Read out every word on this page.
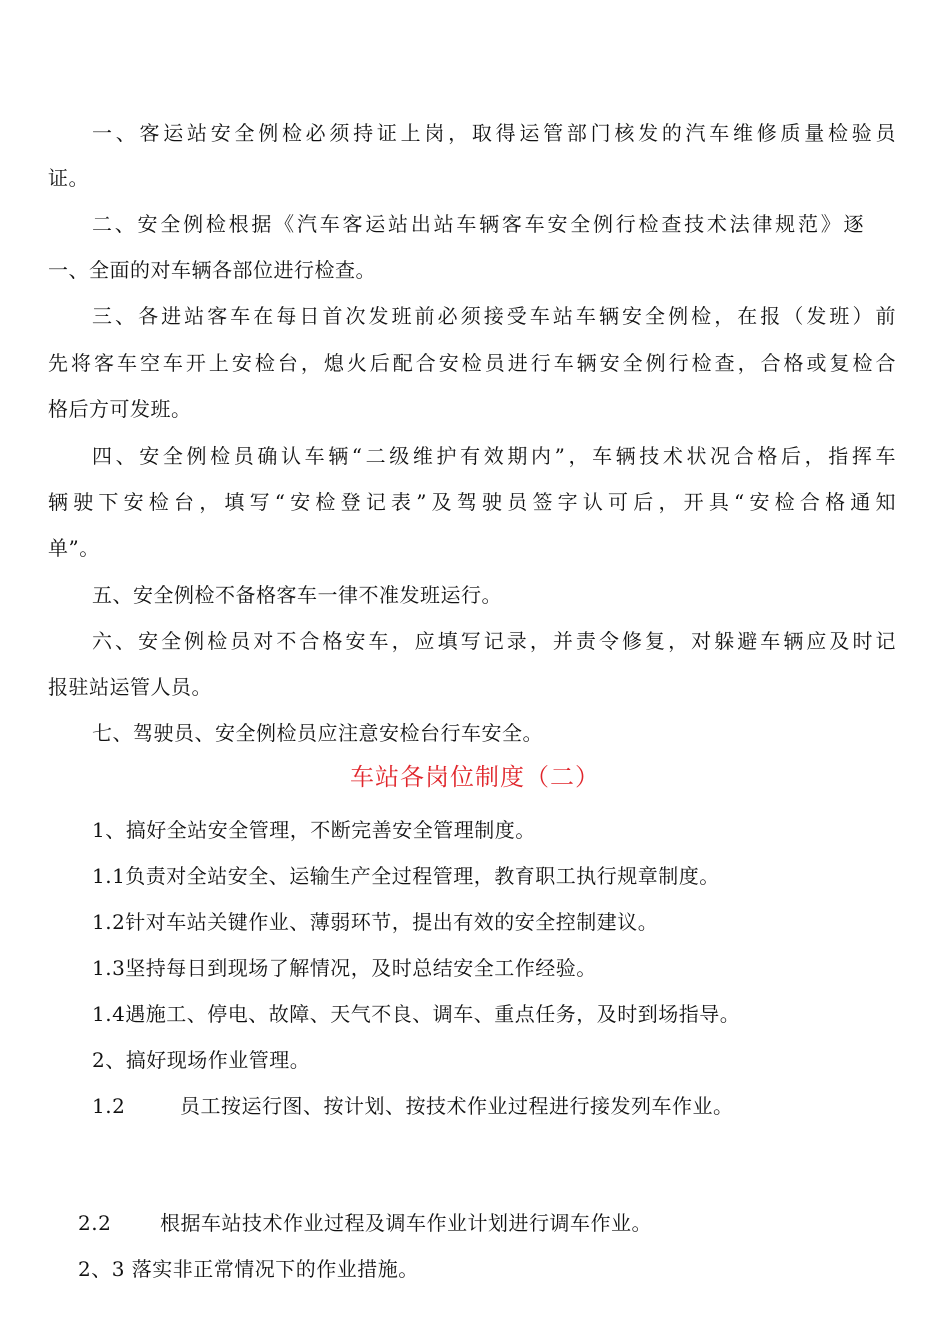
一、客运站安全例检必须持证上岗，取得运管部门核发的汽车维修质量检验员
证。
二、安全例检根据《汽车客运站出站车辆客车安全例行检查技术法律规范》逐
一、全面的对车辆各部位进行检查。
三、各进站客车在每日首次发班前必须接受车站车辆安全例检，在报（发班）前
先将客车空车开上安检台，熄火后配合安检员进行车辆安全例行检查，合格或复检合
格后方可发班。
四、安全例检员确认车辆“二级维护有效期内”，车辆技术状况合格后，指挥车
辆驶下安检台，填写“安检登记表”及驾驶员签字认可后，开具“安检合格通知
单”。
五、安全例检不备格客车一律不准发班运行。
六、安全例检员对不合格安车，应填写记录，并责令修复，对躲避车辆应及时记
报驻站运管人员。
七、驾驶员、安全例检员应注意安检台行车安全。
车站各岗位制度（二）
1、搞好全站安全管理，不断完善安全管理制度。
1.1负责对全站安全、运输生产全过程管理，教育职工执行规章制度。
1.2针对车站关键作业、薄弱环节，提出有效的安全控制建议。
1.3坚持每日到现场了解情况，及时总结安全工作经验。
1.4遇施工、停电、故障、天气不良、调车、重点任务，及时到场指导。
2、搞好现场作业管理。
1.2	员工按运行图、按计划、按技术作业过程进行接发列车作业。
2.2 根据车站技术作业过程及调车作业计划进行调车作业。
2、3 落实非正常情况下的作业措施。
